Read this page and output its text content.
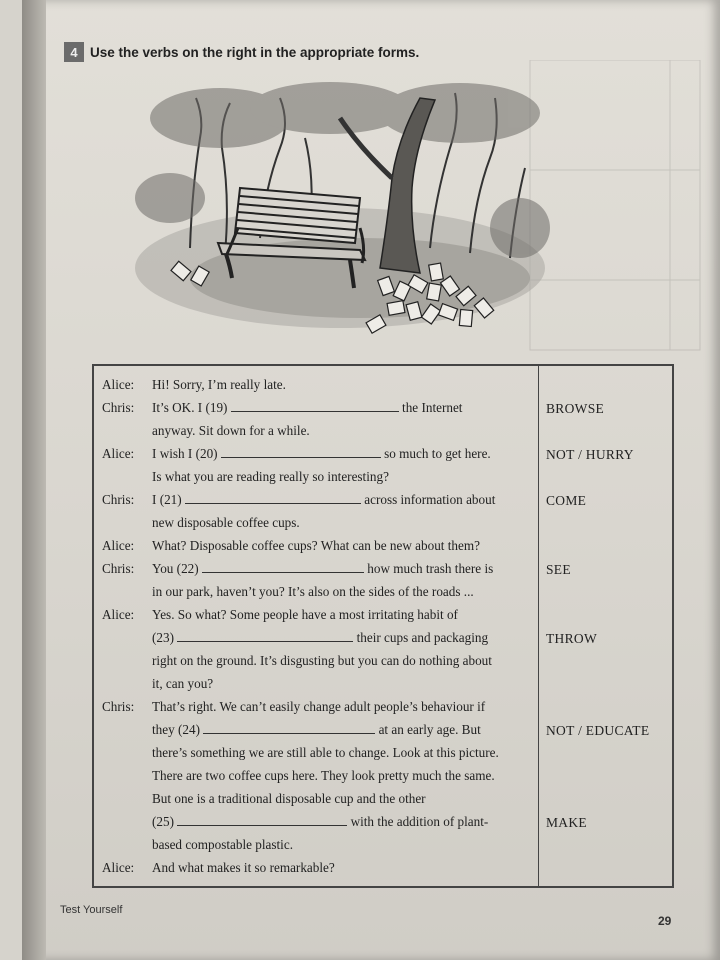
4 Use the verbs on the right in the appropriate forms.
Alice:	Hi! Sorry, I’m really late.
Chris:	It’s OK. I (19)	the Internet
anyway. Sit down for a while.
Alice:	I wish I (20)	so much to get here.
Is what you are reading really so interesting?
Chris:	I (21)	across information about
new disposable coffee cups.
Alice:	What? Disposable coffee cups? What can be new about them?
Chris:	You (22)	how much trash there is
in our park, haven’t you? It’s also on the sides of the roads ...
Alice:	Yes. So what? Some people have a most irritating habit of
(23)	their cups and packaging
right on the ground. It’s disgusting but you can do nothing about
it, can you?
Chris:	That’s right. We can’t easily change adult people’s behaviour if
they (24)	at an early age. But
there’s something we are still able to change. Look at this picture.
There are two coffee cups here. They look pretty much the same.
But one is a traditional disposable cup and the other
(25)	with the addition of plant-
based compostable plastic.
Alice:	And what makes it so remarkable?
BROWSE
NOT / HURRY
COME
SEE
THROW
NOT / EDUCATE
MAKE
Test Yourself
29
